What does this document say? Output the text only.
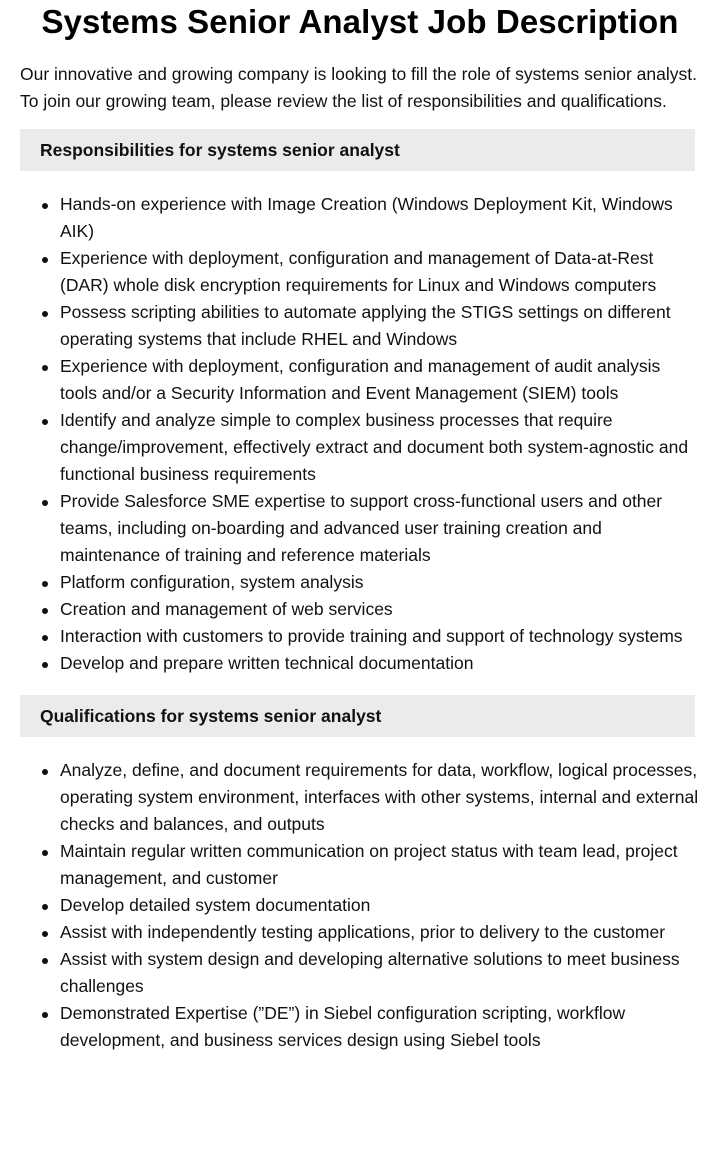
Systems Senior Analyst Job Description

Our innovative and growing company is looking to fill the role of systems senior analyst. To join our growing team, please review the list of responsibilities and qualifications.

Responsibilities for systems senior analyst
Hands-on experience with Image Creation (Windows Deployment Kit, Windows AIK)
Experience with deployment, configuration and management of Data-at-Rest (DAR) whole disk encryption requirements for Linux and Windows computers
Possess scripting abilities to automate applying the STIGS settings on different operating systems that include RHEL and Windows
Experience with deployment, configuration and management of audit analysis tools and/or a Security Information and Event Management (SIEM) tools
Identify and analyze simple to complex business processes that require change/improvement, effectively extract and document both system-agnostic and functional business requirements
Provide Salesforce SME expertise to support cross-functional users and other teams, including on-boarding and advanced user training creation and maintenance of training and reference materials
Platform configuration, system analysis
Creation and management of web services
Interaction with customers to provide training and support of technology systems
Develop and prepare written technical documentation
Qualifications for systems senior analyst
Analyze, define, and document requirements for data, workflow, logical processes, operating system environment, interfaces with other systems, internal and external checks and balances, and outputs
Maintain regular written communication on project status with team lead, project management, and customer
Develop detailed system documentation
Assist with independently testing applications, prior to delivery to the customer
Assist with system design and developing alternative solutions to meet business challenges
Demonstrated Expertise (”DE”) in Siebel configuration scripting, workflow development, and business services design using Siebel tools
